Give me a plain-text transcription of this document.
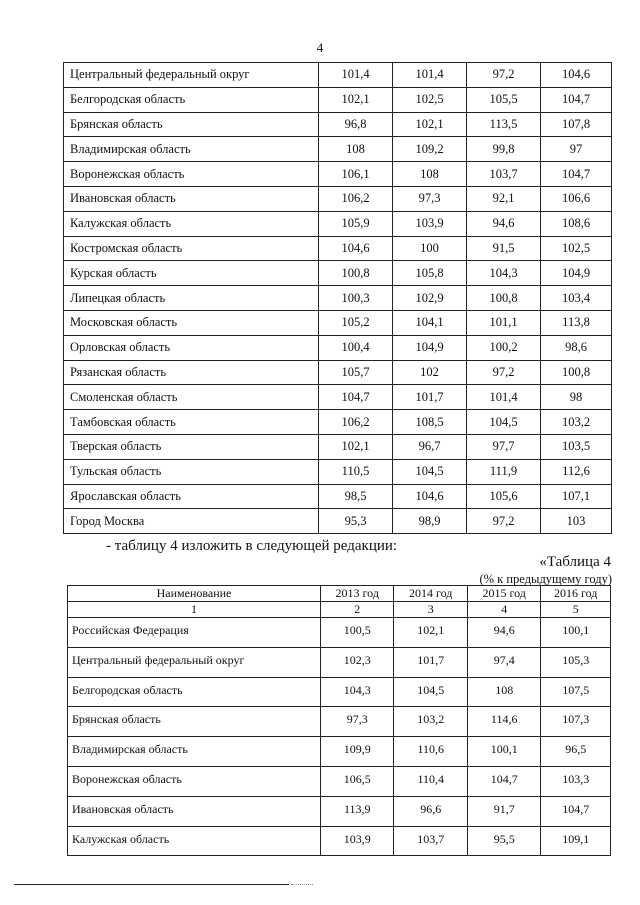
4
Центральный федеральный округ	101,4	101,4	97,2	104,6
Белгородская область	102,1	102,5	105,5	104,7
Брянская область	96,8	102,1	113,5	107,8
Владимирская область	108	109,2	99,8	97
Воронежская область	106,1	108	103,7	104,7
Ивановская область	106,2	97,3	92,1	106,6
Калужская область	105,9	103,9	94,6	108,6
Костромская область	104,6	100	91,5	102,5
Курская область	100,8	105,8	104,3	104,9
Липецкая область	100,3	102,9	100,8	103,4
Московская область	105,2	104,1	101,1	113,8
Орловская область	100,4	104,9	100,2	98,6
Рязанская область	105,7	102	97,2	100,8
Смоленская область	104,7	101,7	101,4	98
Тамбовская область	106,2	108,5	104,5	103,2
Тверская область	102,1	96,7	97,7	103,5
Тульская область	110,5	104,5	111,9	112,6
Ярославская область	98,5	104,6	105,6	107,1
Город Москва	95,3	98,9	97,2	103
- таблицу 4 изложить в следующей редакции:
«Таблица 4
(% к предыдущему году)
Наименование	2013 год	2014 год	2015 год	2016 год
1	2	3	4	5
Российская Федерация	100,5	102,1	94,6	100,1
Центральный федеральный округ	102,3	101,7	97,4	105,3
Белгородская область	104,3	104,5	108	107,5
Брянская область	97,3	103,2	114,6	107,3
Владимирская область	109,9	110,6	100,1	96,5
Воронежская область	106,5	110,4	104,7	103,3
Ивановская область	113,9	96,6	91,7	104,7
Калужская область	103,9	103,7	95,5	109,1
